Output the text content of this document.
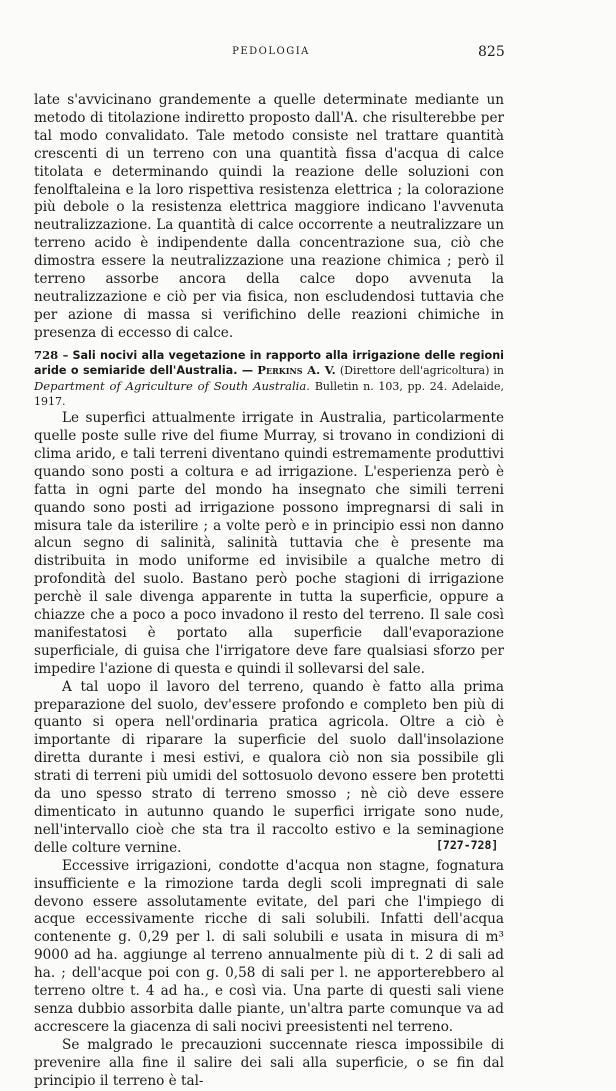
PEDOLOGIA	825

late s'avvicinano grandemente a quelle determinate mediante un metodo di titolazione indiretto proposto dall'A. che risulterebbe per tal modo convalidato. Tale metodo consiste nel trattare quantità crescenti di un terreno con una quantità fissa d'acqua di calce titolata e determinando quindi la reazione delle soluzioni con fenolftaleina e la loro rispettiva resistenza elettrica ; la colorazione più debole o la resistenza elettrica maggiore indicano l'avvenuta neutralizzazione. La quantità di calce occorrente a neutralizzare un terreno acido è indipendente dalla concentrazione sua, ciò che dimostra essere la neutralizzazione una reazione chimica ; però il terreno assorbe ancora della calce dopo avvenuta la neutralizzazione e ciò per via fisica, non escludendosi tuttavia che per azione di massa si verifichino delle reazioni chimiche in presenza di eccesso di calce.

728 – Sali nocivi alla vegetazione in rapporto alla irrigazione delle regioni aride o semiaride dell'Australia. — Perkins A. V. (Direttore dell'agricoltura) in Department of Agriculture of South Australia. Bulletin n. 103, pp. 24. Adelaide, 1917.

Le superfici attualmente irrigate in Australia, particolarmente quelle poste sulle rive del fiume Murray, si trovano in condizioni di clima arido, e tali terreni diventano quindi estremamente produttivi quando sono posti a coltura e ad irrigazione. L'esperienza però è fatta in ogni parte del mondo ha insegnato che simili terreni quando sono posti ad irrigazione possono impregnarsi di sali in misura tale da isterilire ; a volte però e in principio essi non danno alcun segno di salinità, salinità tuttavia che è presente ma distribuita in modo uniforme ed invisibile a qualche metro di profondità del suolo. Bastano però poche stagioni di irrigazione perchè il sale divenga apparente in tutta la superficie, oppure a chiazze che a poco a poco invadono il resto del terreno. Il sale così manifestatosi è portato alla superficie dall'evaporazione superficiale, di guisa che l'irrigatore deve fare qualsiasi sforzo per impedire l'azione di questa e quindi il sollevarsi del sale.

A tal uopo il lavoro del terreno, quando è fatto alla prima preparazione del suolo, dev'essere profondo e completo ben più di quanto si opera nell'ordinaria pratica agricola. Oltre a ciò è importante di riparare la superficie del suolo dall'insolazione diretta durante i mesi estivi, e qualora ciò non sia possibile gli strati di terreni più umidi del sottosuolo devono essere ben protetti da uno spesso strato di terreno smosso ; nè ciò deve essere dimenticato in autunno quando le superfici irrigate sono nude, nell'intervallo cioè che sta tra il raccolto estivo e la seminagione delle colture vernine.

Eccessive irrigazioni, condotte d'acqua non stagne, fognatura insufficiente e la rimozione tarda degli scoli impregnati di sale devono essere assolutamente evitate, del pari che l'impiego di acque eccessivamente ricche di sali solubili. Infatti dell'acqua contenente g. 0,29 per l. di sali solubili e usata in misura di m³ 9000 ad ha. aggiunge al terreno annualmente più di t. 2 di sali ad ha. ; dell'acque poi con g. 0,58 di sali per l. ne apporterebbero al terreno oltre t. 4 ad ha., e così via. Una parte di questi sali viene senza dubbio assorbita dalle piante, un'altra parte comunque va ad accrescere la giacenza di sali nocivi preesistenti nel terreno.

Se malgrado le precauzioni succennate riesca impossibile di prevenire alla fine il salire dei sali alla superficie, o se fin dal principio il terreno è tal-

[727-728]
